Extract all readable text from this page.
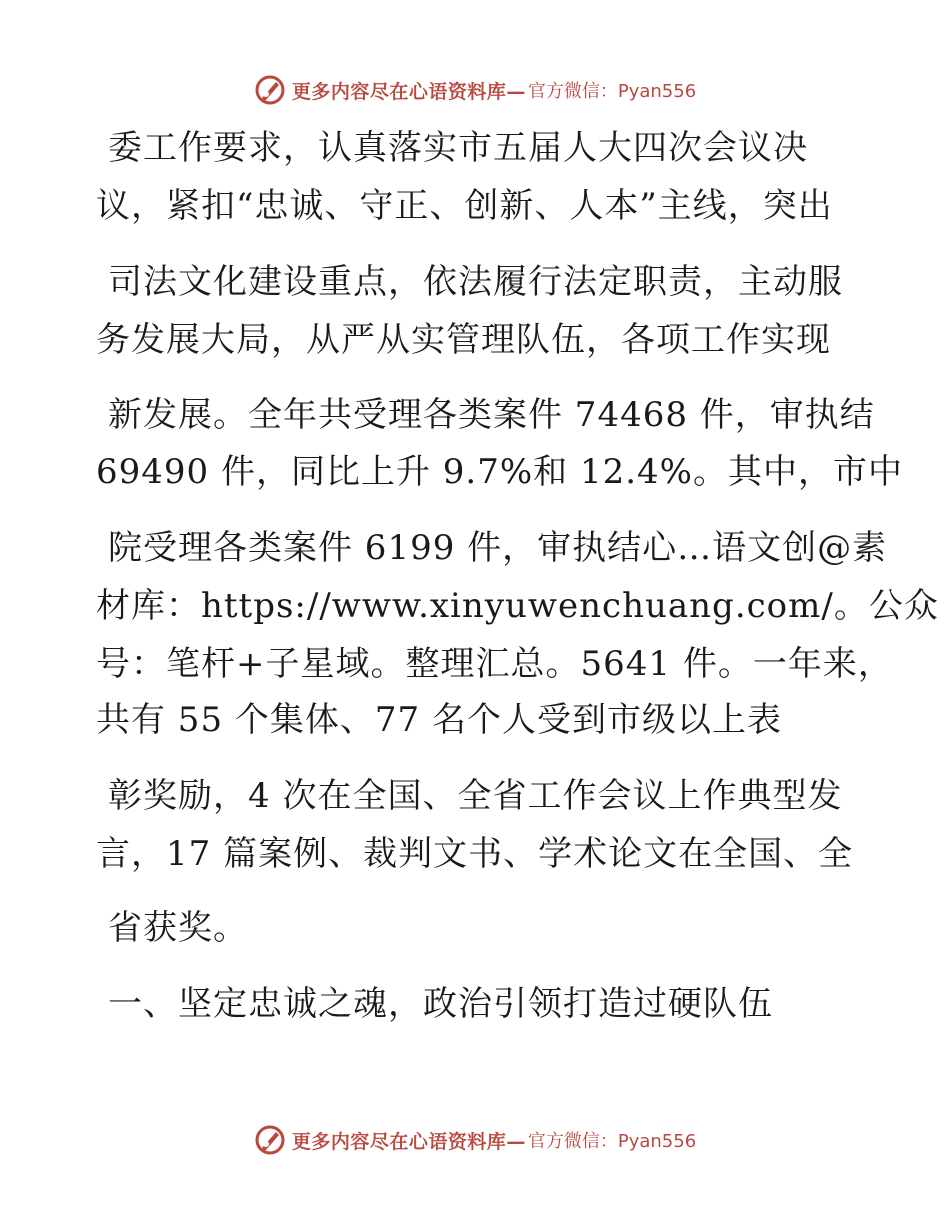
更多内容尽在心语资料库— 官方微信：Pyan556
委工作要求，认真落实市五届人大四次会议决
议，紧扣“忠诚、守正、创新、人本”主线，突出
司法文化建设重点，依法履行法定职责，主动服
务发展大局，从严从实管理队伍，各项工作实现
新发展。全年共受理各类案件 74468 件，审执结
69490 件，同比上升 9.7%和 12.4%。其中，市中
院受理各类案件 6199 件，审执结心…语文创@素
材库：https://www.xinyuwenchuang.com/。公众
号：笔杆+子星域。整理汇总。5641 件。一年来，
共有 55 个集体、77 名个人受到市级以上表
彰奖励，4 次在全国、全省工作会议上作典型发
言，17 篇案例、裁判文书、学术论文在全国、全
省获奖。
一、坚定忠诚之魂，政治引领打造过硬队伍
更多内容尽在心语资料库— 官方微信：Pyan556
